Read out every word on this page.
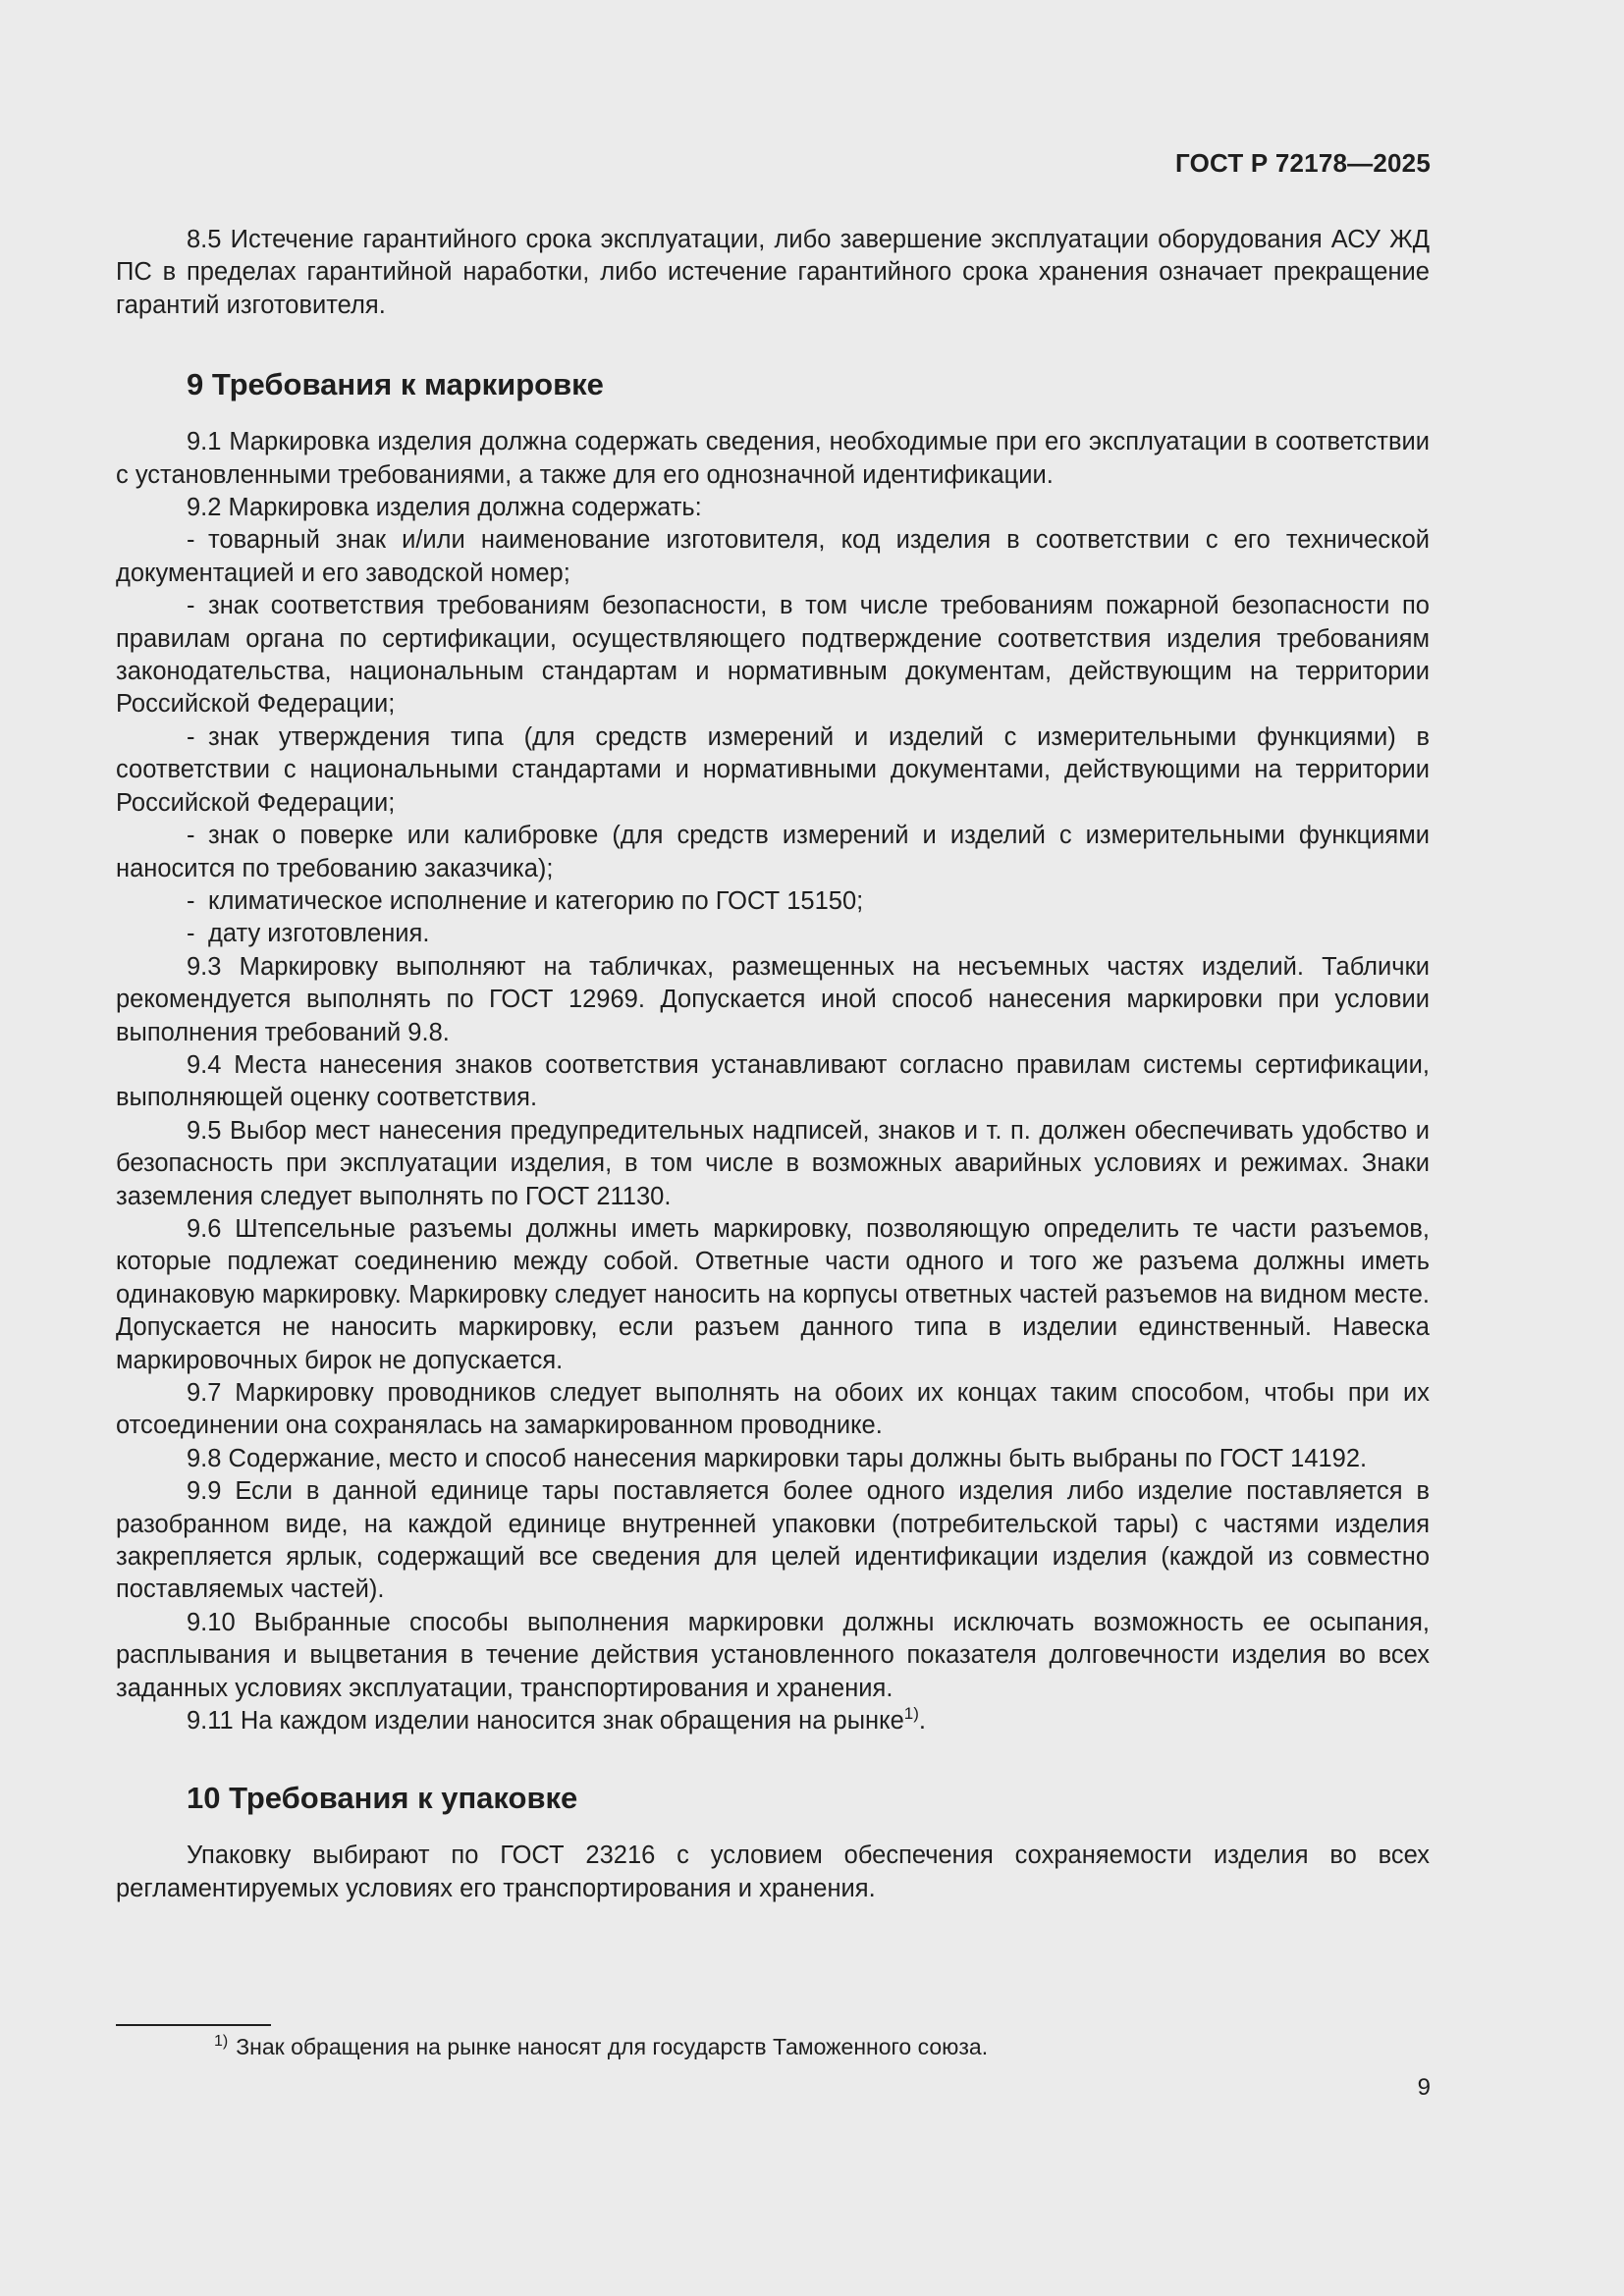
ГОСТ Р 72178—2025

8.5 Истечение гарантийного срока эксплуатации, либо завершение эксплуатации оборудования АСУ ЖД ПС в пределах гарантийной наработки, либо истечение гарантийного срока хранения означает прекращение гарантий изготовителя.

9 Требования к маркировке

9.1 Маркировка изделия должна содержать сведения, необходимые при его эксплуатации в соответствии с установленными требованиями, а также для его однозначной идентификации.

9.2 Маркировка изделия должна содержать:

- товарный знак и/или наименование изготовителя, код изделия в соответствии с его технической документацией и его заводской номер;

- знак соответствия требованиям безопасности, в том числе требованиям пожарной безопасности по правилам органа по сертификации, осуществляющего подтверждение соответствия изделия требованиям законодательства, национальным стандартам и нормативным документам, действующим на территории Российской Федерации;

- знак утверждения типа (для средств измерений и изделий с измерительными функциями) в соответствии с национальными стандартами и нормативными документами, действующими на территории Российской Федерации;

- знак о поверке или калибровке (для средств измерений и изделий с измерительными функциями наносится по требованию заказчика);

- климатическое исполнение и категорию по ГОСТ 15150;

- дату изготовления.

9.3 Маркировку выполняют на табличках, размещенных на несъемных частях изделий. Таблички рекомендуется выполнять по ГОСТ 12969. Допускается иной способ нанесения маркировки при условии выполнения требований 9.8.

9.4 Места нанесения знаков соответствия устанавливают согласно правилам системы сертификации, выполняющей оценку соответствия.

9.5 Выбор мест нанесения предупредительных надписей, знаков и т. п. должен обеспечивать удобство и безопасность при эксплуатации изделия, в том числе в возможных аварийных условиях и режимах. Знаки заземления следует выполнять по ГОСТ 21130.

9.6 Штепсельные разъемы должны иметь маркировку, позволяющую определить те части разъемов, которые подлежат соединению между собой. Ответные части одного и того же разъема должны иметь одинаковую маркировку. Маркировку следует наносить на корпусы ответных частей разъемов на видном месте. Допускается не наносить маркировку, если разъем данного типа в изделии единственный. Навеска маркировочных бирок не допускается.

9.7 Маркировку проводников следует выполнять на обоих их концах таким способом, чтобы при их отсоединении она сохранялась на замаркированном проводнике.

9.8 Содержание, место и способ нанесения маркировки тары должны быть выбраны по ГОСТ 14192.

9.9 Если в данной единице тары поставляется более одного изделия либо изделие поставляется в разобранном виде, на каждой единице внутренней упаковки (потребительской тары) с частями изделия закрепляется ярлык, содержащий все сведения для целей идентификации изделия (каждой из совместно поставляемых частей).

9.10 Выбранные способы выполнения маркировки должны исключать возможность ее осыпания, расплывания и выцветания в течение действия установленного показателя долговечности изделия во всех заданных условиях эксплуатации, транспортирования и хранения.

9.11 На каждом изделии наносится знак обращения на рынке$^{1)}$.

10 Требования к упаковке

Упаковку выбирают по ГОСТ 23216 с условием обеспечения сохраняемости изделия во всех регламентируемых условиях его транспортирования и хранения.

$^{1)}$ Знак обращения на рынке наносят для государств Таможенного союза.
9
